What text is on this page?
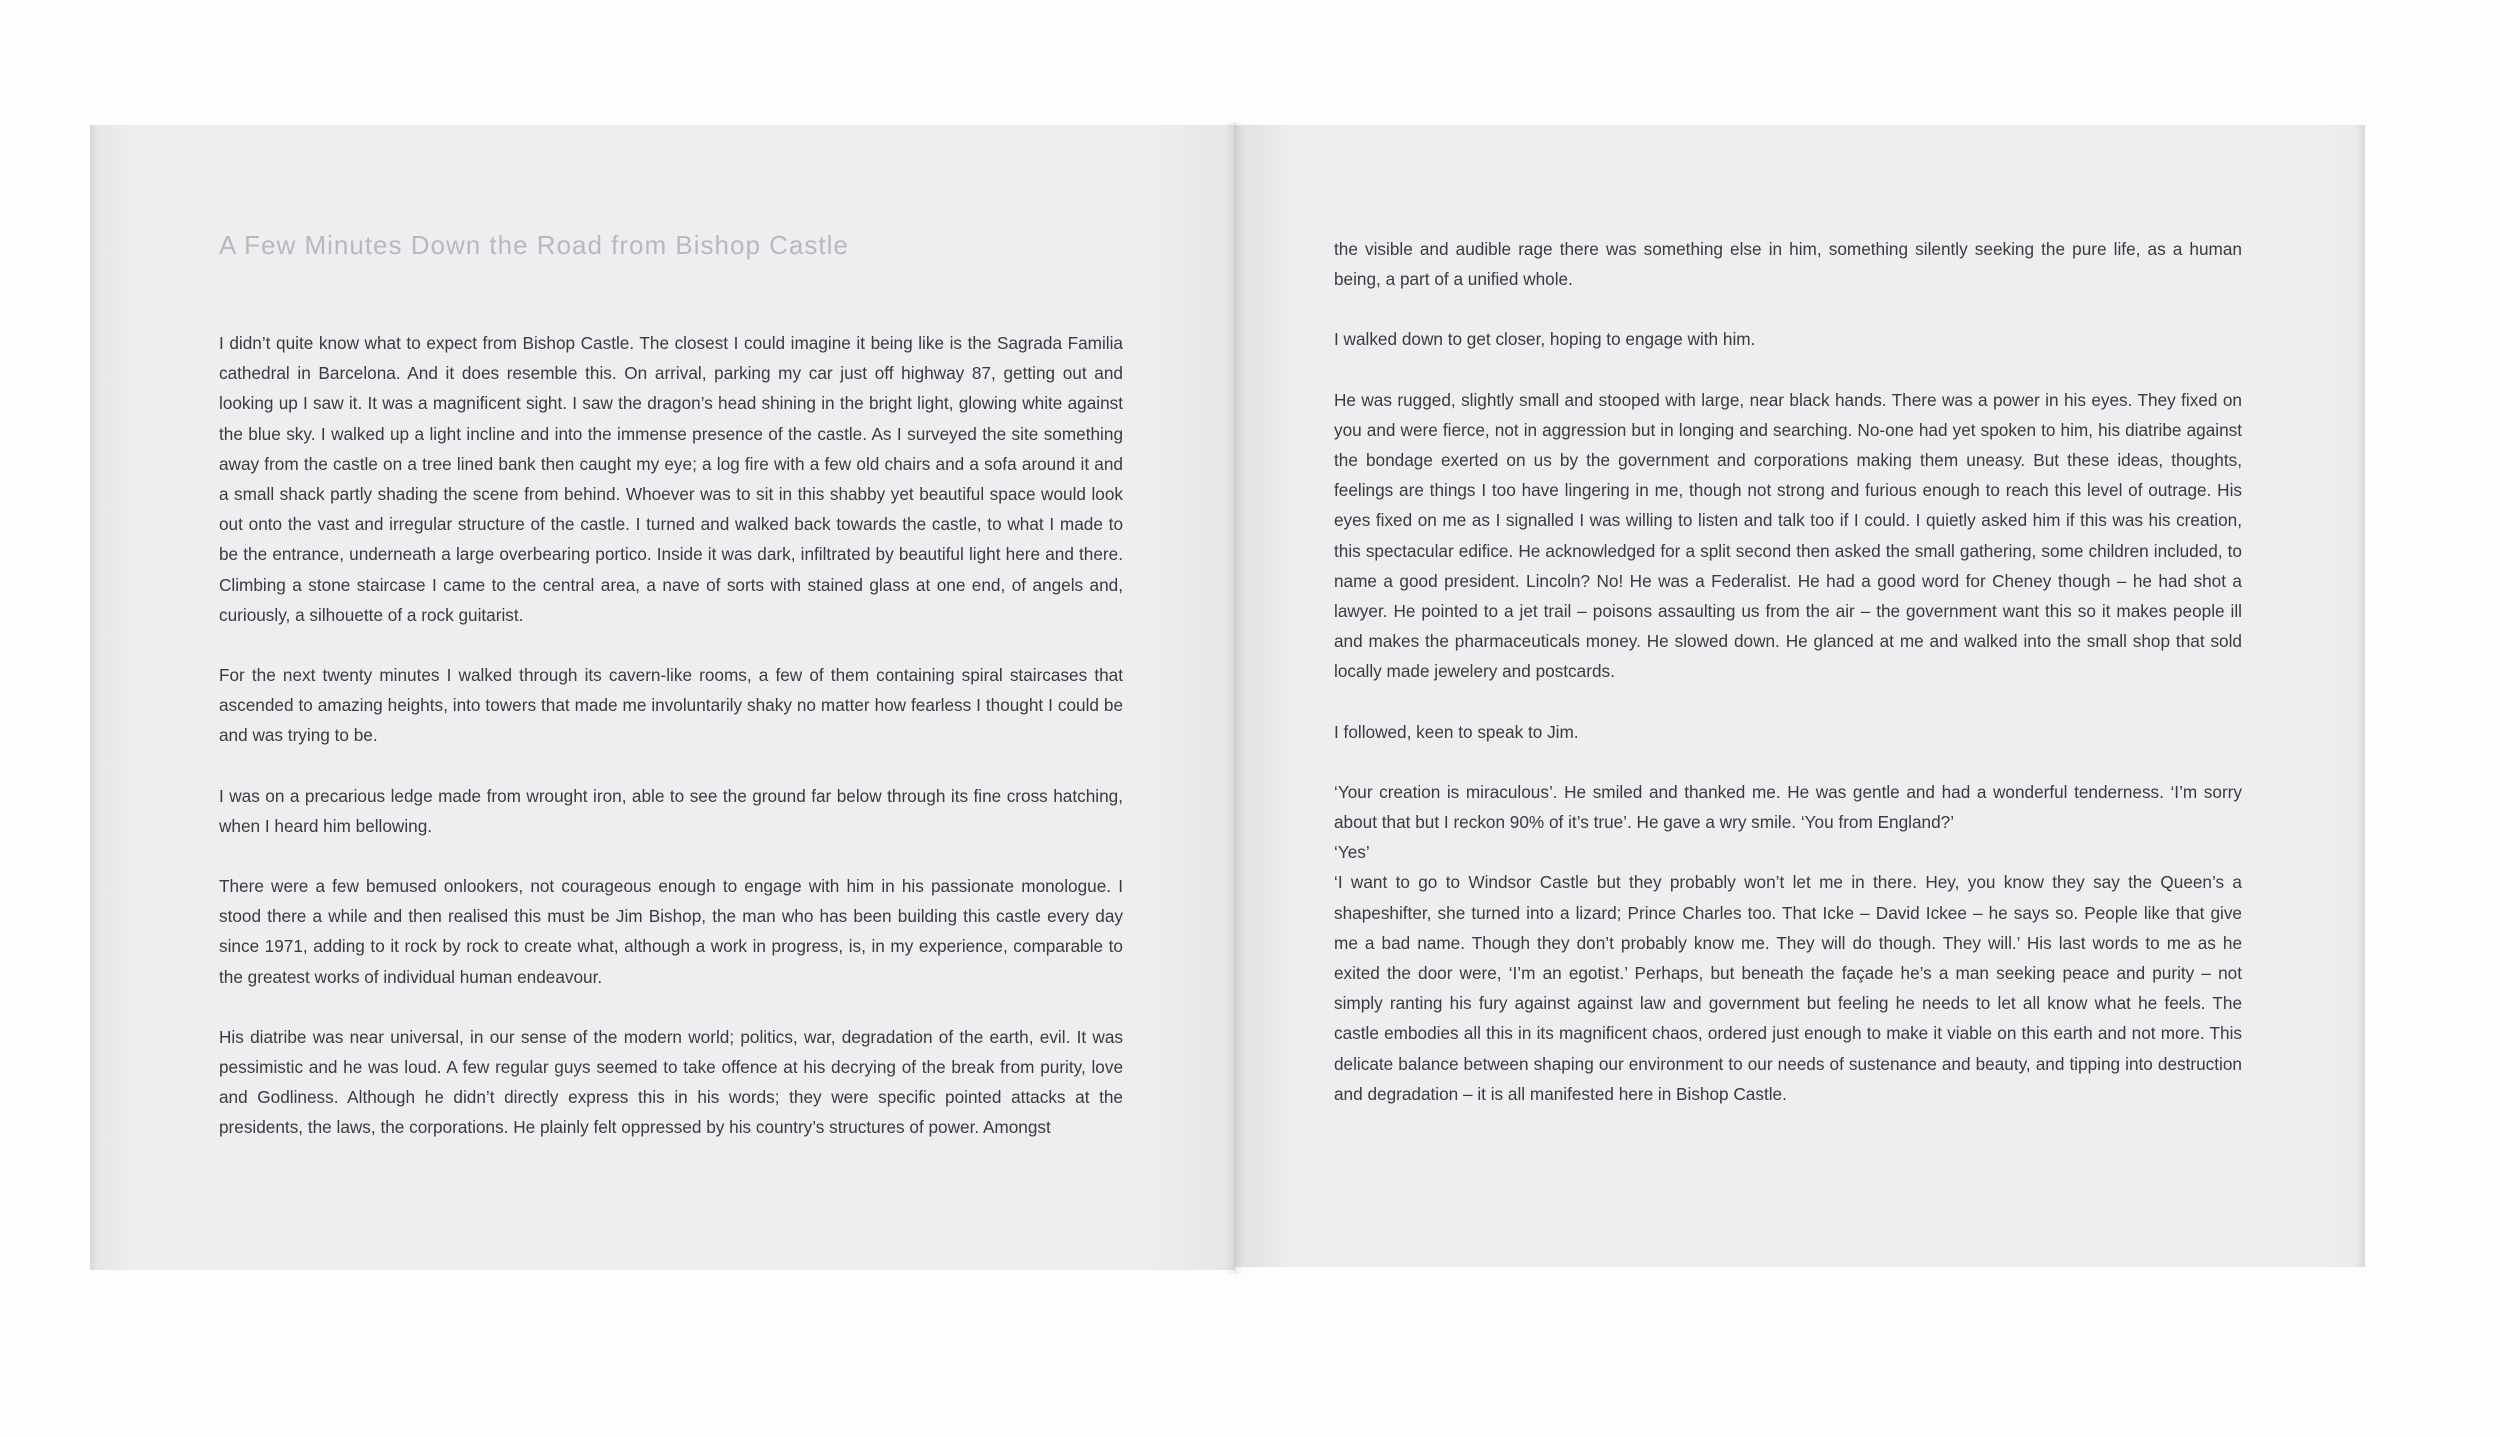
A Few Minutes Down the Road from Bishop Castle

I didn’t quite know what to expect from Bishop Castle. The closest I could imagine it being like is the Sagrada Familia cathedral in Barcelona. And it does resemble this. On arrival, parking my car just off highway 87, getting out and looking up I saw it. It was a magnificent sight. I saw the dragon’s head shining in the bright light, glowing white against the blue sky. I walked up a light incline and into the immense presence of the castle. As I surveyed the site something away from the castle on a tree lined bank then caught my eye; a log fire with a few old chairs and a sofa around it and a small shack partly shading the scene from behind. Whoever was to sit in this shabby yet beautiful space would look out onto the vast and irregular structure of the castle. I turned and walked back towards the castle, to what I made to be the entrance, underneath a large overbearing portico. Inside it was dark, infiltrated by beautiful light here and there. Climbing a stone staircase I came to the central area, a nave of sorts with stained glass at one end, of angels and, curiously, a silhouette of a rock guitarist.

For the next twenty minutes I walked through its cavern-like rooms, a few of them containing spiral staircases that ascended to amazing heights, into towers that made me involuntarily shaky no matter how fearless I thought I could be and was trying to be.

I was on a precarious ledge made from wrought iron, able to see the ground far below through its fine cross hatching, when I heard him bellowing.

There were a few bemused onlookers, not courageous enough to engage with him in his passionate monologue. I stood there a while and then realised this must be Jim Bishop, the man who has been building this castle every day since 1971, adding to it rock by rock to create what, although a work in progress, is, in my experience, comparable to the greatest works of individual human endeavour.

His diatribe was near universal, in our sense of the modern world; politics, war, degradation of the earth, evil. It was pessimistic and he was loud. A few regular guys seemed to take offence at his decrying of the break from purity, love and Godliness. Although he didn’t directly express this in his words; they were specific pointed attacks at the presidents, the laws, the corporations. He plainly felt oppressed by his country’s structures of power. Amongst

the visible and audible rage there was something else in him, something silently seeking the pure life, as a human being, a part of a unified whole.

I walked down to get closer, hoping to engage with him.

He was rugged, slightly small and stooped with large, near black hands. There was a power in his eyes. They fixed on you and were fierce, not in aggression but in longing and searching. No-one had yet spoken to him, his diatribe against the bondage exerted on us by the government and corporations making them uneasy. But these ideas, thoughts, feelings are things I too have lingering in me, though not strong and furious enough to reach this level of outrage. His eyes fixed on me as I signalled I was willing to listen and talk too if I could. I quietly asked him if this was his creation, this spectacular edifice. He acknowledged for a split second then asked the small gathering, some children included, to name a good president. Lincoln? No! He was a Federalist. He had a good word for Cheney though – he had shot a lawyer. He pointed to a jet trail – poisons assaulting us from the air – the government want this so it makes people ill and makes the pharmaceuticals money. He slowed down. He glanced at me and walked into the small shop that sold locally made jewelery and postcards.

I followed, keen to speak to Jim.

‘Your creation is miraculous’. He smiled and thanked me. He was gentle and had a wonderful tenderness. ‘I’m sorry about that but I reckon 90% of it’s true’. He gave a wry smile. ‘You from England?’

‘Yes’

‘I want to go to Windsor Castle but they probably won’t let me in there. Hey, you know they say the Queen’s a shapeshifter, she turned into a lizard; Prince Charles too. That Icke – David Ickee – he says so. People like that give me a bad name. Though they don’t probably know me. They will do though. They will.’ His last words to me as he exited the door were, ‘I’m an egotist.’ Perhaps, but beneath the façade he’s a man seeking peace and purity – not simply ranting his fury against against law and government but feeling he needs to let all know what he feels. The castle embodies all this in its magnificent chaos, ordered just enough to make it viable on this earth and not more. This delicate balance between shaping our environment to our needs of sustenance and beauty, and tipping into destruction and degradation – it is all manifested here in Bishop Castle.
